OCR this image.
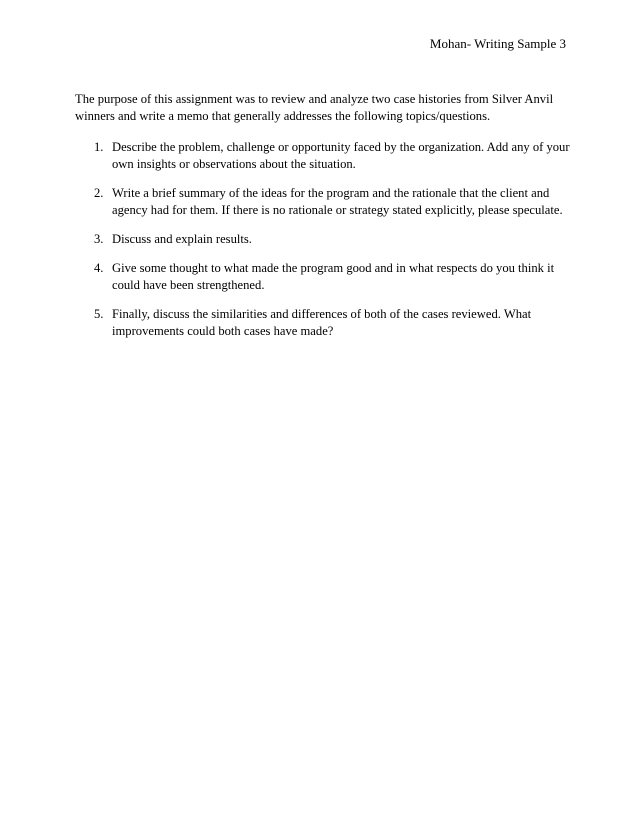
Mohan- Writing Sample 3

The purpose of this assignment was to review and analyze two case histories from Silver Anvil winners and write a memo that generally addresses the following topics/questions.

1. Describe the problem, challenge or opportunity faced by the organization. Add any of your own insights or observations about the situation.
2. Write a brief summary of the ideas for the program and the rationale that the client and agency had for them. If there is no rationale or strategy stated explicitly, please speculate.
3. Discuss and explain results.
4. Give some thought to what made the program good and in what respects do you think it could have been strengthened.
5. Finally, discuss the similarities and differences of both of the cases reviewed. What improvements could both cases have made?
